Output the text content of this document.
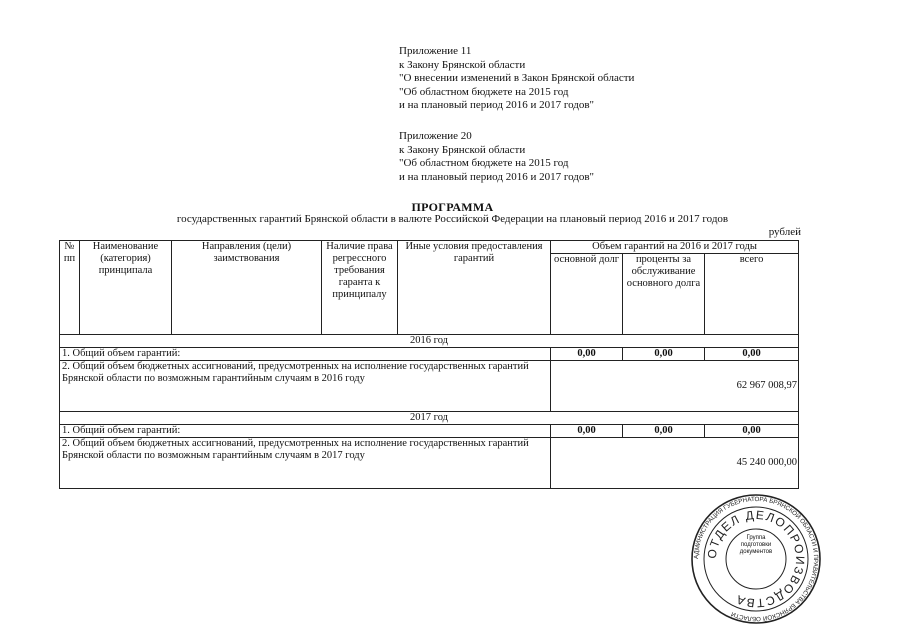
Приложение 11
к Закону Брянской области
"О внесении изменений в Закон Брянской области
"Об областном бюджете на 2015 год
и на плановый период 2016 и 2017 годов"
Приложение 20
к Закону Брянской области
"Об областном бюджете на 2015 год
и на плановый период 2016 и 2017 годов"
ПРОГРАММА
государственных гарантий Брянской области в валюте Российской Федерации на плановый период 2016 и 2017 годов
рублей
№ пп	Наименование (категория) принципала	Направления (цели) заимствования	Наличие права регрессного требования гаранта к принципалу	Иные условия предоставления гарантий	Объем гарантий на 2016 и 2017 годы		
					основной долг	проценты за обслуживание основного долга	всего
2016 год							
1. Общий объем гарантий:					0,00	0,00	0,00
2. Общий объем бюджетных ассигнований, предусмотренных на исполнение государственных гарантий Брянской области по возможным гарантийным случаям в 2016 году					62 967 008,97		
2017 год							
1. Общий объем гарантий:					0,00	0,00	0,00
2. Общий объем бюджетных ассигнований, предусмотренных на исполнение государственных гарантий Брянской области по возможным гарантийным случаям в 2017 году					45 240 000,00		
АДМИНИСТРАЦИЯ ГУБЕРНАТОРА БРЯНСКОЙ ОБЛАСТИ И ПРАВИТЕЛЬСТВА БРЯНСКОЙ ОБЛАСТИ
ОТДЕЛ ДЕЛОПРОИЗВОДСТВА
Группа подготовки документов
